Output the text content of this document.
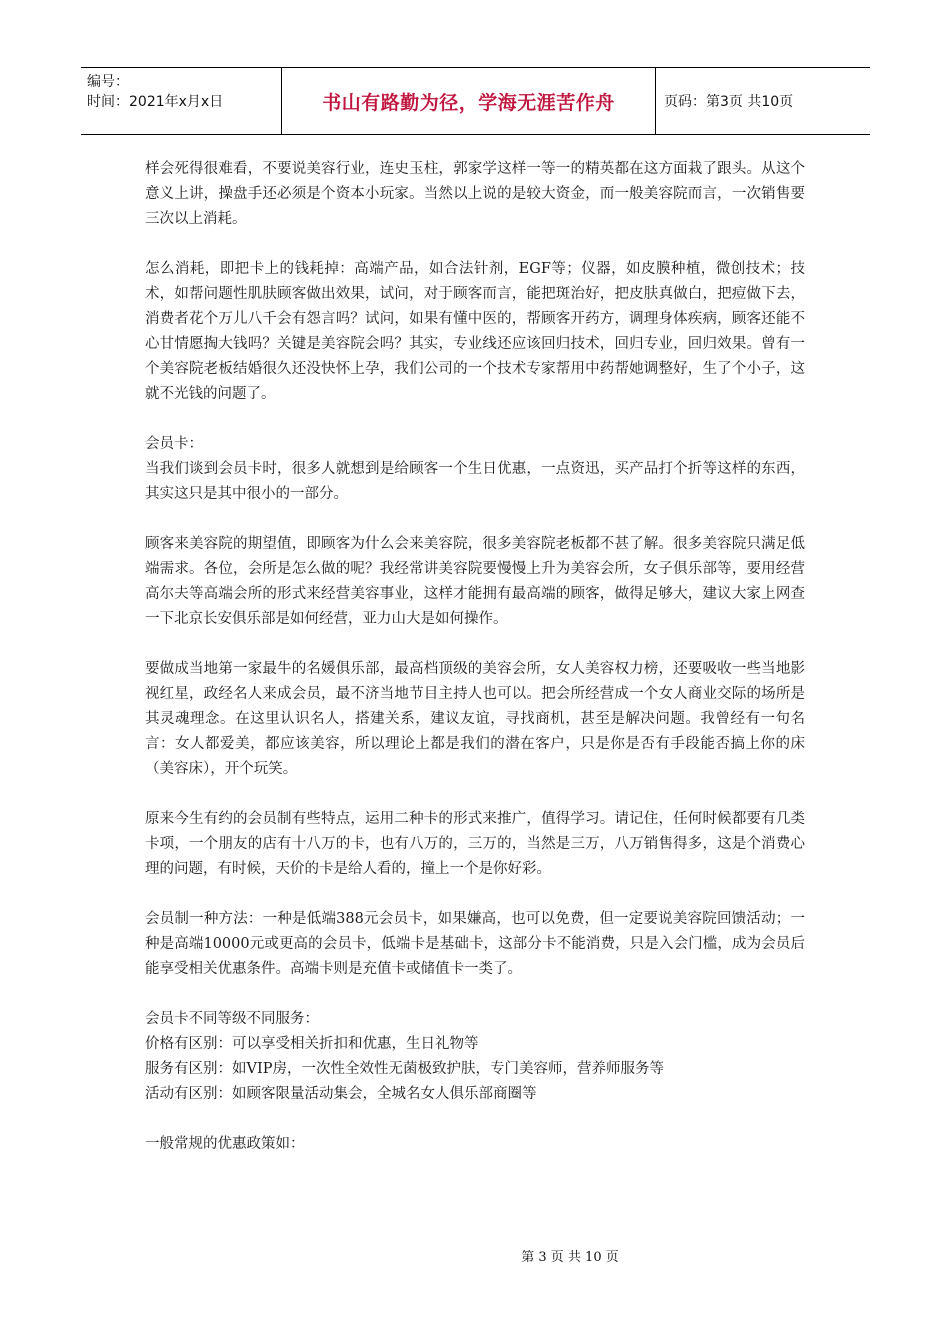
编号：
时间：2021年x月x日	书山有路勤为径，学海无涯苦作舟	页码：第3页 共10页

样会死得很难看，不要说美容行业，连史玉柱，郭家学这样一等一的精英都在这方面栽了跟头。从这个意义上讲，操盘手还必须是个资本小玩家。当然以上说的是较大资金，而一般美容院而言，一次销售要三次以上消耗。

怎么消耗，即把卡上的钱耗掉：高端产品，如合法针剂，EGF等；仪器，如皮膜种植，微创技术；技术，如帮问题性肌肤顾客做出效果，试问，对于顾客而言，能把斑治好，把皮肤真做白，把痘做下去，消费者花个万儿八千会有怨言吗？试问，如果有懂中医的，帮顾客开药方，调理身体疾病，顾客还能不心甘情愿掏大钱吗？关键是美容院会吗？其实，专业线还应该回归技术，回归专业，回归效果。曾有一个美容院老板结婚很久还没快怀上孕，我们公司的一个技术专家帮用中药帮她调整好，生了个小子，这就不光钱的问题了。

会员卡：

当我们谈到会员卡时，很多人就想到是给顾客一个生日优惠，一点资迅，买产品打个折等这样的东西，其实这只是其中很小的一部分。

顾客来美容院的期望值，即顾客为什么会来美容院，很多美容院老板都不甚了解。很多美容院只满足低端需求。各位，会所是怎么做的呢？我经常讲美容院要慢慢上升为美容会所，女子俱乐部等，要用经营高尔夫等高端会所的形式来经营美容事业，这样才能拥有最高端的顾客，做得足够大，建议大家上网查一下北京长安俱乐部是如何经营，亚力山大是如何操作。

要做成当地第一家最牛的名媛俱乐部，最高档顶级的美容会所，女人美容权力榜，还要吸收一些当地影视红星，政经名人来成会员，最不济当地节目主持人也可以。把会所经营成一个女人商业交际的场所是其灵魂理念。在这里认识名人，搭建关系，建议友谊，寻找商机，甚至是解决问题。我曾经有一句名言：女人都爱美，都应该美容，所以理论上都是我们的潜在客户，只是你是否有手段能否搞上你的床（美容床），开个玩笑。

原来今生有约的会员制有些特点，运用二种卡的形式来推广，值得学习。请记住，任何时候都要有几类卡项，一个朋友的店有十八万的卡，也有八万的，三万的，当然是三万，八万销售得多，这是个消费心理的问题，有时候，天价的卡是给人看的，撞上一个是你好彩。

会员制一种方法：一种是低端388元会员卡，如果嫌高，也可以免费，但一定要说美容院回馈活动；一种是高端10000元或更高的会员卡，低端卡是基础卡，这部分卡不能消费，只是入会门槛，成为会员后能享受相关优惠条件。高端卡则是充值卡或储值卡一类了。

会员卡不同等级不同服务：

价格有区别：可以享受相关折扣和优惠，生日礼物等

服务有区别：如VIP房，一次性全效性无菌极致护肤，专门美容师，营养师服务等

活动有区别：如顾客限量活动集会，全城名女人俱乐部商圈等

一般常规的优惠政策如：

第 3 页 共 10 页
